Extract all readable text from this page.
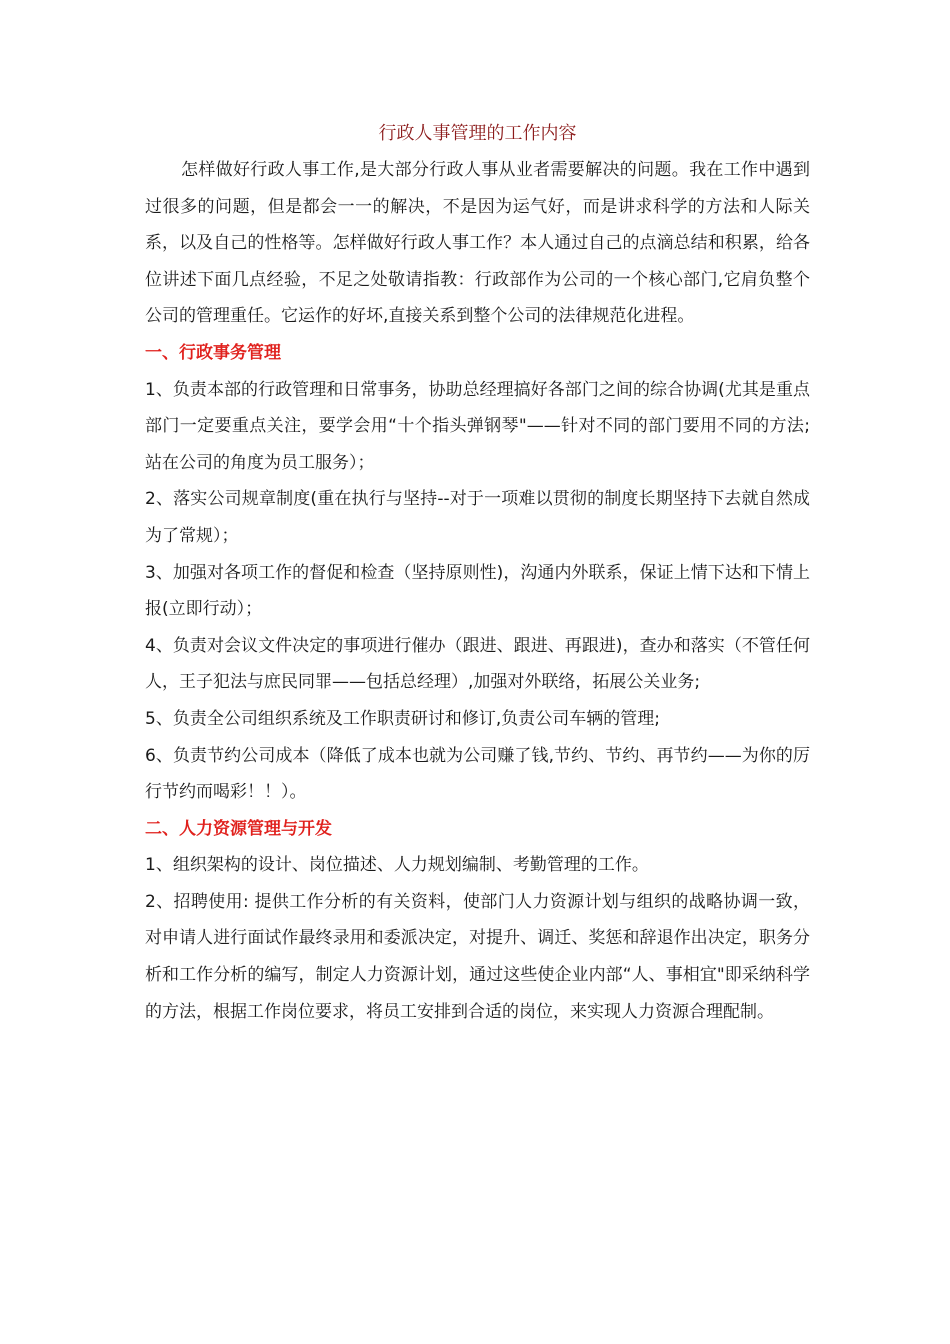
行政人事管理的工作内容

怎样做好行政人事工作,是大部分行政人事从业者需要解决的问题。我在工作中遇到过很多的问题，但是都会一一的解决，不是因为运气好，而是讲求科学的方法和人际关系，以及自己的性格等。怎样做好行政人事工作？本人通过自己的点滴总结和积累，给各位讲述下面几点经验，不足之处敬请指教：行政部作为公司的一个核心部门,它肩负整个公司的管理重任。它运作的好坏,直接关系到整个公司的法律规范化进程。

一、行政事务管理

1、负责本部的行政管理和日常事务，协助总经理搞好各部门之间的综合协调(尤其是重点部门一定要重点关注，要学会用“十个指头弹钢琴"——针对不同的部门要用不同的方法;站在公司的角度为员工服务）；

2、落实公司规章制度(重在执行与坚持--对于一项难以贯彻的制度长期坚持下去就自然成为了常规）；

3、加强对各项工作的督促和检查（坚持原则性)，沟通内外联系，保证上情下达和下情上报(立即行动）；

4、负责对会议文件决定的事项进行催办（跟进、跟进、再跟进)，查办和落实（不管任何人，王子犯法与庶民同罪——包括总经理）,加强对外联络，拓展公关业务;

5、负责全公司组织系统及工作职责研讨和修订,负责公司车辆的管理;

6、负责节约公司成本（降低了成本也就为公司赚了钱,节约、节约、再节约——为你的厉行节约而喝彩！！）。

二、人力资源管理与开发

1、组织架构的设计、岗位描述、人力规划编制、考勤管理的工作。

2、招聘使用: 提供工作分析的有关资料，使部门人力资源计划与组织的战略协调一致，对申请人进行面试作最终录用和委派决定，对提升、调迁、奖惩和辞退作出决定，职务分析和工作分析的编写，制定人力资源计划，通过这些使企业内部“人、事相宜"即采纳科学的方法，根据工作岗位要求，将员工安排到合适的岗位，来实现人力资源合理配制。
